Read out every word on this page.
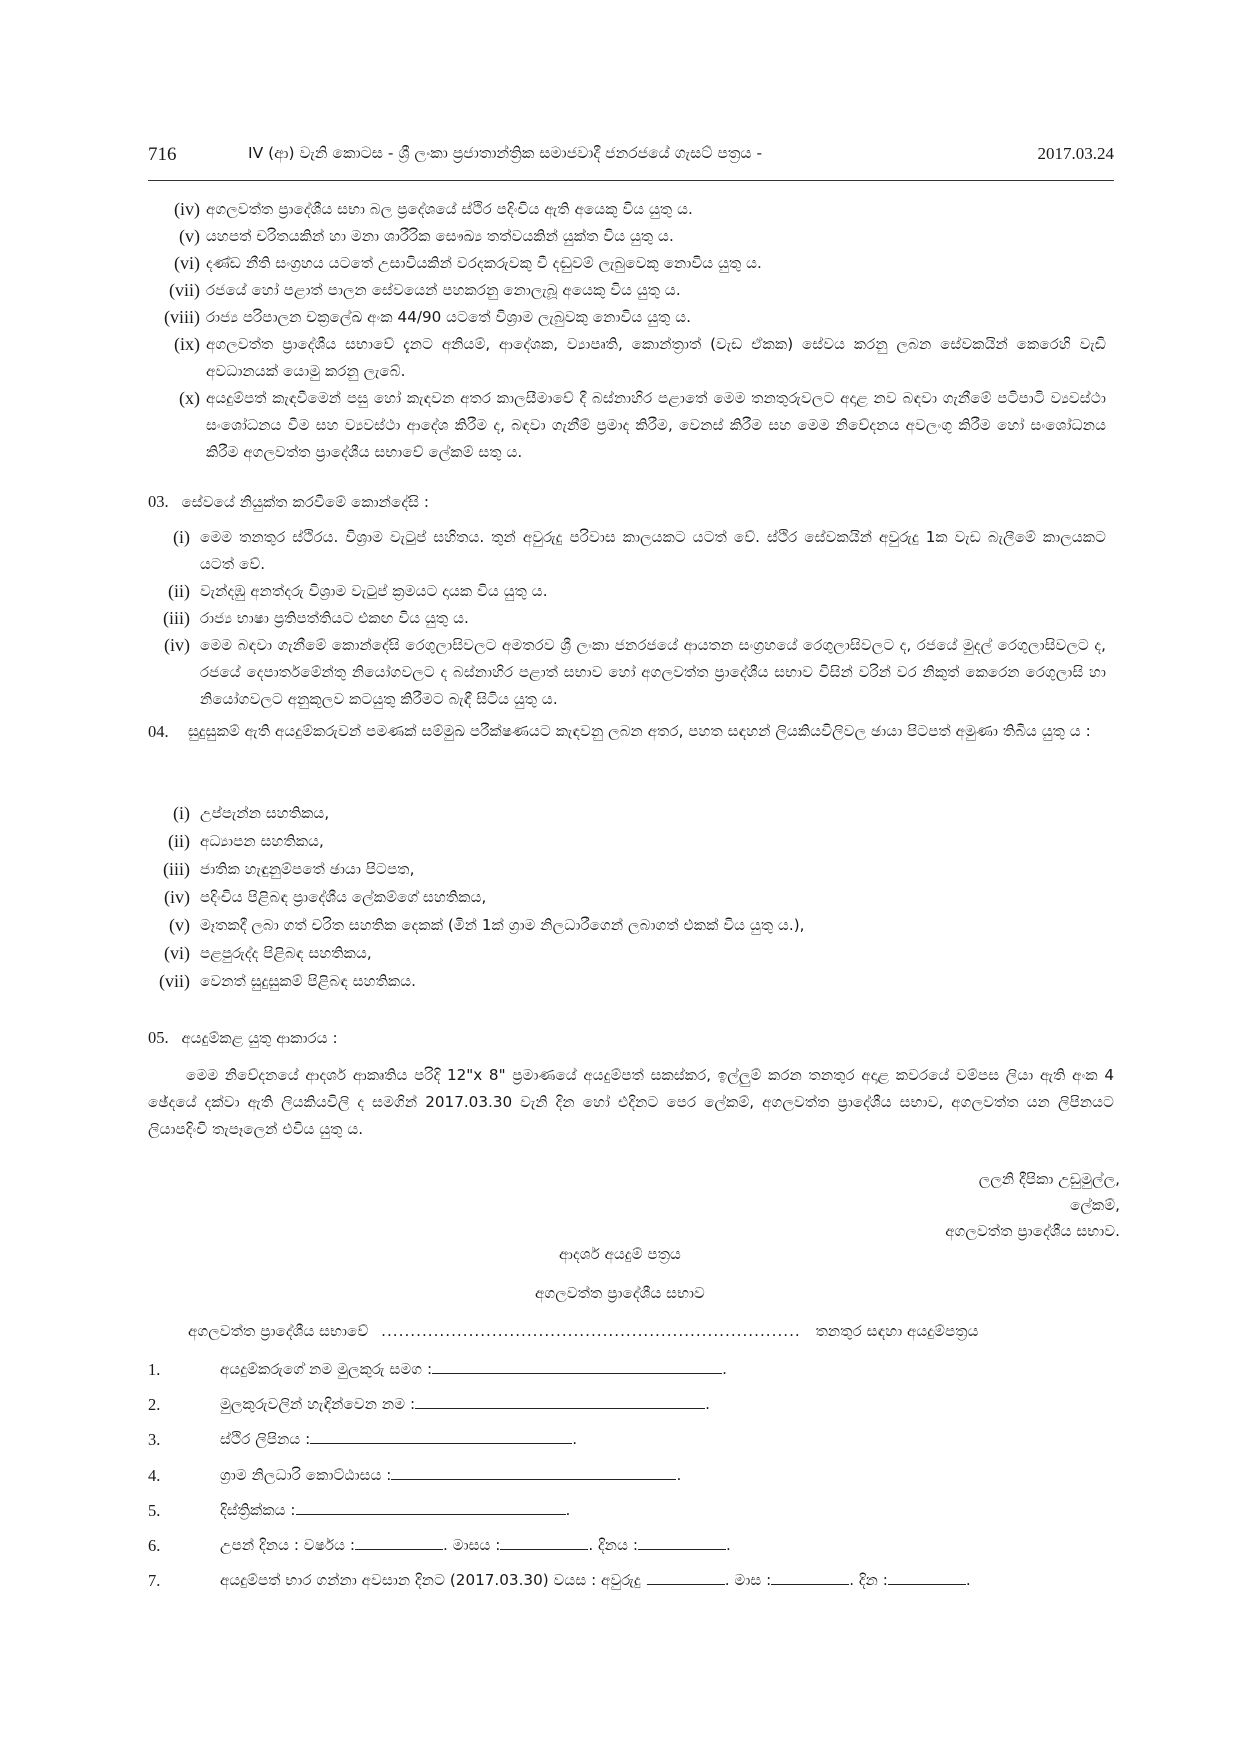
716	IV (ආ) වැනි කොටස - ශ්‍රී ලංකා ප්‍රජාතාන්ත්‍රික සමාජවාදී ජනරජයේ ගැසට් පත්‍රය -	2017.03.24
(iv) අගලවත්ත ප්‍රාදේශීය සභා බල ප්‍රදේශයේ ස්ථිර පදිංචිය ඇති අයෙකු විය යුතු ය.
(v) යහපත් චරිතයකින් හා මනා ශාරීරික සෞඛ්‍ය තත්වයකින් යුක්ත විය යුතු ය.
(vi) දණ්ඩ නීති සංග්‍රහය යටතේ උසාවියකින් වරදකරුවකු වී දඬුවම් ලැබුවෙකු නොවිය යුතු ය.
(vii) රජයේ හෝ පළාත් පාලන සේවයෙන් පහකරනු නොලැබූ අයෙකු විය යුතු ය.
(viii) රාජ්‍ය පරිපාලන චක්‍රලේඛ අංක 44/90 යටතේ විශ්‍රාම ලැබුවකු නොවිය යුතු ය.
(ix) අගලවත්ත ප්‍රාදේශීය සභාවේ දැනට අනියම්, ආදේශක, ව්‍යාපෘති, කොන්ත්‍රාත් (වැඩ ඒකක) සේවය කරනු ලබන සේවකයින් කෙරෙහි වැඩි අවධානයක් යොමු කරනු ලැබේ.
(x) අයදුම්පත් කැඳවීමෙන් පසු හෝ කැඳවන අතර කාලසීමාවේ දී බස්නාහිර පළාතේ මෙම තනතුරුවලට අදාළ නව බඳවා ගැනීමේ පටිපාටි ව්‍යවස්ථා සංශෝධනය වීම සහ ව්‍යවස්ථා ආදේශ කිරීම ද, බඳවා ගැනීම් ප්‍රමාද කිරීම, වෙනස් කිරීම සහ මෙම නිවේදනය අවලංගු කිරීම හෝ සංශෝධනය කිරීම අගලවත්ත ප්‍රාදේශීය සභාවේ ලේකම් සතු ය.
03. සේවයේ නියුක්ත කරවීමේ කොන්දේසි :
(i) මෙම තනතුර ස්ථිරය. විශ්‍රාම වැටුප් සහිතය. තුන් අවුරුදු පරිවාස කාලයකට යටත් වේ. ස්ථිර සේවකයින් අවුරුදු 1ක වැඩ බැලීමේ කාලයකට යටත් වේ.
(ii) වැන්දඹු අනත්දරු විශ්‍රාම වැටුප් ක්‍රමයට දායක විය යුතු ය.
(iii) රාජ්‍ය භාෂා ප්‍රතිපත්තියට එකඟ විය යුතු ය.
(iv) මෙම බඳවා ගැනීමේ කොන්දේසි රෙගුලාසිවලට අමතරව ශ්‍රී ලංකා ජනරජයේ ආයතන සංග්‍රහයේ රෙගුලාසිවලට ද, රජයේ මුදල් රෙගුලාසිවලට ද, රජයේ දෙපාර්තමේන්තු නියෝගවලට ද බස්නාහිර පළාත් සභාව හෝ අගලවත්ත ප්‍රාදේශීය සභාව විසින් වරින් වර නිකුත් කෙරෙන රෙගුලාසි හා නියෝගවලට අනුකූලව කටයුතු කිරීමට බැඳී සිටිය යුතු ය.
04. සුදුසුකම් ඇති අයදුම්කරුවන් පමණක් සම්මුඛ පරීක්ෂණයට කැඳවනු ලබන අතර, පහත සඳහන් ලියකියවිලිවල ඡායා පිටපත් අමුණා තිබිය යුතු ය :
(i) උප්පැන්න සහතිකය,
(ii) අධ්‍යාපන සහතිකය,
(iii) ජාතික හැඳුනුම්පතේ ඡායා පිටපත,
(iv) පදිංචිය පිළිබඳ ප්‍රාදේශීය ලේකම්ගේ සහතිකය,
(v) මෑතකදී ලබා ගත් චරිත සහතික දෙකක් (මින් 1ක් ග්‍රාම නිලධාරීගෙන් ලබාගත් එකක් විය යුතු ය.),
(vi) පළපුරුද්ද පිළිබඳ සහතිකය,
(vii) වෙනත් සුදුසුකම් පිළිබඳ සහතිකය.
05. අයදුම්කළ යුතු ආකාරය :
මෙම නිවේදනයේ ආදර්ශ ආකෘතිය පරිදි 12"x 8" ප්‍රමාණයේ අයදුම්පත් සකස්කර, ඉල්ලුම් කරන තනතුර අදාළ කවරයේ වම්පස ලියා ඇති අංක 4 ඡේදයේ දක්වා ඇති ලියකියවිලි ද සමගින් 2017.03.30 වැනි දින හෝ එදිනට පෙර ලේකම්, අගලවත්ත ප්‍රාදේශීය සභාව, අගලවත්ත යන ලිපිනයට ලියාපදිංචි තැපෑලෙන් එවිය යුතු ය.
ලලනි දීපිකා උඩුමුල්ල,
ලේකම්,
අගලවත්ත ප්‍රාදේශීය සභාව.
ආදර්ශ අයදුම් පත්‍රය
අගලවත්ත ප්‍රාදේශීය සභාව
අගලවත්ත ප්‍රාදේශීය සභාවේ ........................................................................ තනතුර සඳහා අයදුම්පත්‍රය
1.	අයදුම්කරුගේ නම මුලකුරු සමග :	.
2.	මුලකුරුවලින් හැඳින්වෙන නම :	.
3.	ස්ථිර ලිපිනය :	.
4.	ග්‍රාම නිලධාරි කොට්ඨාසය :	.
5.	දිස්ත්‍රික්කය :	.
6.	උපන් දිනය : වර්ෂය :	. මාසය :	. දිනය :	.
7.	අයදුම්පත් භාර ගන්නා අවසාන දිනට (2017.03.30) වයස : අවුරුදු	. මාස :	. දින :	.
